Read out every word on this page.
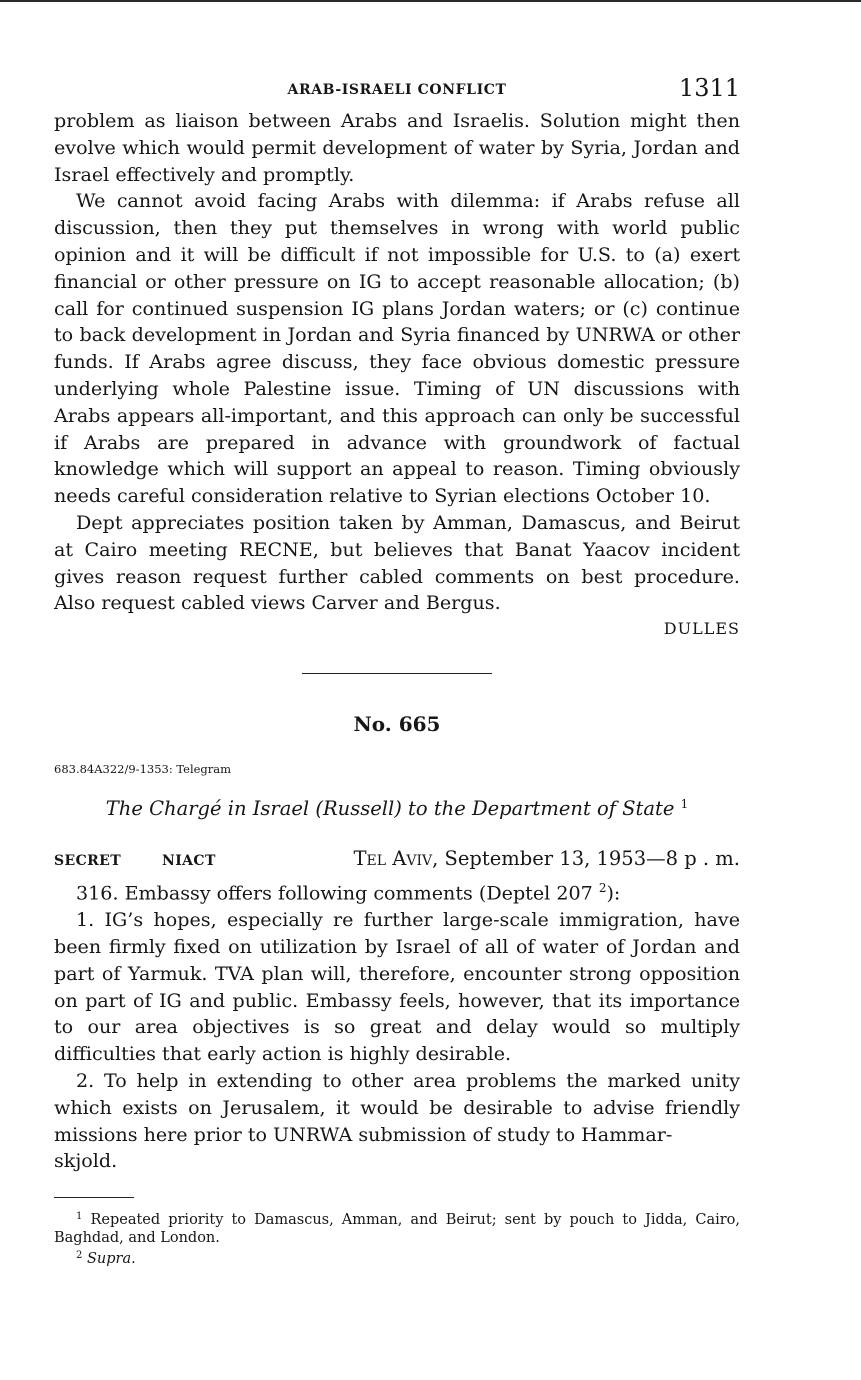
ARAB-ISRAELI CONFLICT	1311

problem as liaison between Arabs and Israelis. Solution might then evolve which would permit development of water by Syria, Jordan and Israel effectively and promptly.

We cannot avoid facing Arabs with dilemma: if Arabs refuse all discussion, then they put themselves in wrong with world public opinion and it will be difficult if not impossible for U.S. to (a) exert financial or other pressure on IG to accept reasonable allocation; (b) call for continued suspension IG plans Jordan waters; or (c) continue to back development in Jordan and Syria financed by UNRWA or other funds. If Arabs agree discuss, they face obvious domestic pressure underlying whole Palestine issue. Timing of UN discussions with Arabs appears all-important, and this approach can only be successful if Arabs are prepared in advance with groundwork of factual knowledge which will support an appeal to reason. Timing obviously needs careful consideration relative to Syrian elections October 10.

Dept appreciates position taken by Amman, Damascus, and Beirut at Cairo meeting RECNE, but believes that Banat Yaacov incident gives reason request further cabled comments on best procedure. Also request cabled views Carver and Bergus.

DULLES
No. 665
683.84A322/9-1353: Telegram
The Chargé in Israel (Russell) to the Department of State $^1$
SECRET	NIACT	Tel Aviv, September 13, 1953—8 p . m.

316. Embassy offers following comments (Deptel 207 $^2$):

1. IG’s hopes, especially re further large-scale immigration, have been firmly fixed on utilization by Israel of all of water of Jordan and part of Yarmuk. TVA plan will, therefore, encounter strong opposition on part of IG and public. Embassy feels, however, that its importance to our area objectives is so great and delay would so multiply difficulties that early action is highly desirable.

2. To help in extending to other area problems the marked unity which exists on Jerusalem, it would be desirable to advise friendly missions here prior to UNRWA submission of study to Hammar-
skjold.

$^1$ Repeated priority to Damascus, Amman, and Beirut; sent by pouch to Jidda, Cairo, Baghdad, and London.

$^2$ Supra.
